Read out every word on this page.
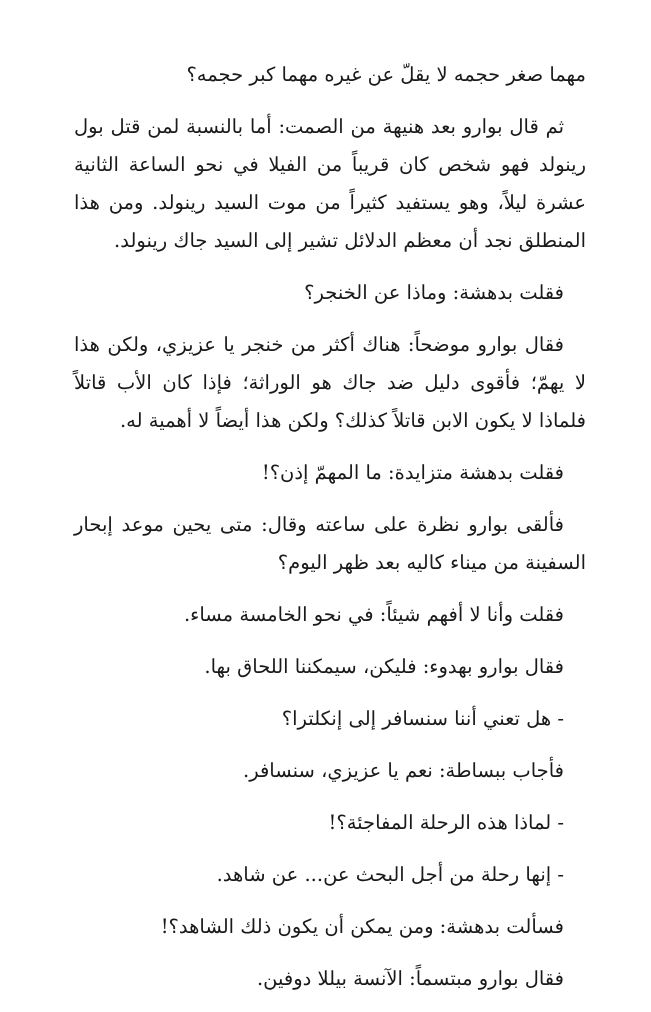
مهما صغر حجمه لا يقلّ عن غيره مهما كبر حجمه؟

ثم قال بوارو بعد هنيهة من الصمت: أما بالنسبة لمن قتل بول رينولد فهو شخص كان قريباً من الفيلا في نحو الساعة الثانية عشرة ليلاً، وهو يستفيد كثيراً من موت السيد رينولد. ومن هذا المنطلق نجد أن معظم الدلائل تشير إلى السيد جاك رينولد.

فقلت بدهشة: وماذا عن الخنجر؟

فقال بوارو موضحاً: هناك أكثر من خنجر يا عزيزي، ولكن هذا لا يهمّ؛ فأقوى دليل ضد جاك هو الوراثة؛ فإذا كان الأب قاتلاً فلماذا لا يكون الابن قاتلاً كذلك؟ ولكن هذا أيضاً لا أهمية له.

فقلت بدهشة متزايدة: ما المهمّ إذن؟!

فألقى بوارو نظرة على ساعته وقال: متى يحين موعد إبحار السفينة من ميناء كاليه بعد ظهر اليوم؟

فقلت وأنا لا أفهم شيئاً: في نحو الخامسة مساء.

فقال بوارو بهدوء: فليكن، سيمكننا اللحاق بها.

- هل تعني أننا سنسافر إلى إنكلترا؟

فأجاب ببساطة: نعم يا عزيزي، سنسافر.

- لماذا هذه الرحلة المفاجئة؟!

- إنها رحلة من أجل البحث عن... عن شاهد.

فسألت بدهشة: ومن يمكن أن يكون ذلك الشاهد؟!

فقال بوارو مبتسماً: الآنسة بيللا دوفين.
